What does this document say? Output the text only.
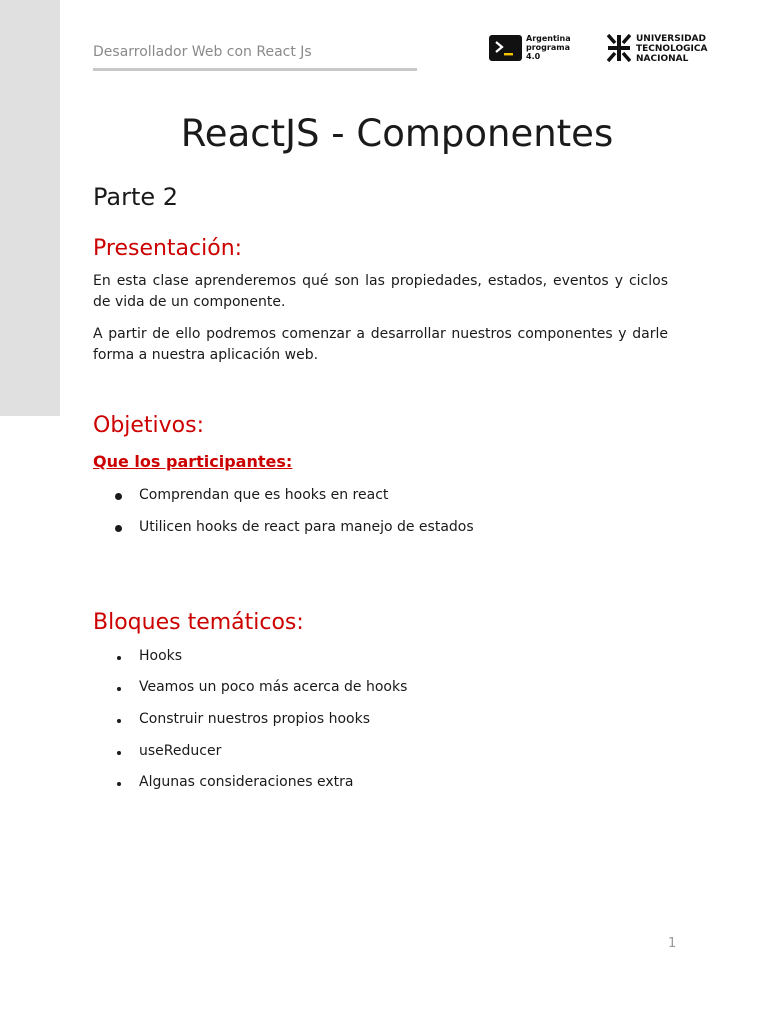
Desarrollador Web con React Js
Argentina
programa
4.0
UNIVERSIDAD
TECNOLOGICA
NACIONAL
ReactJS - Componentes
Parte 2
Presentación:

En esta clase aprenderemos qué son las propiedades, estados, eventos y ciclos de vida de un componente.

A partir de ello podremos comenzar a desarrollar nuestros componentes y darle forma a nuestra aplicación web.

Objetivos:
Que los participantes:
Comprendan que es hooks en react
Utilicen hooks de react para manejo de estados
Bloques temáticos:
Hooks
Veamos un poco más acerca de hooks
Construir nuestros propios hooks
useReducer
Algunas consideraciones extra
1
